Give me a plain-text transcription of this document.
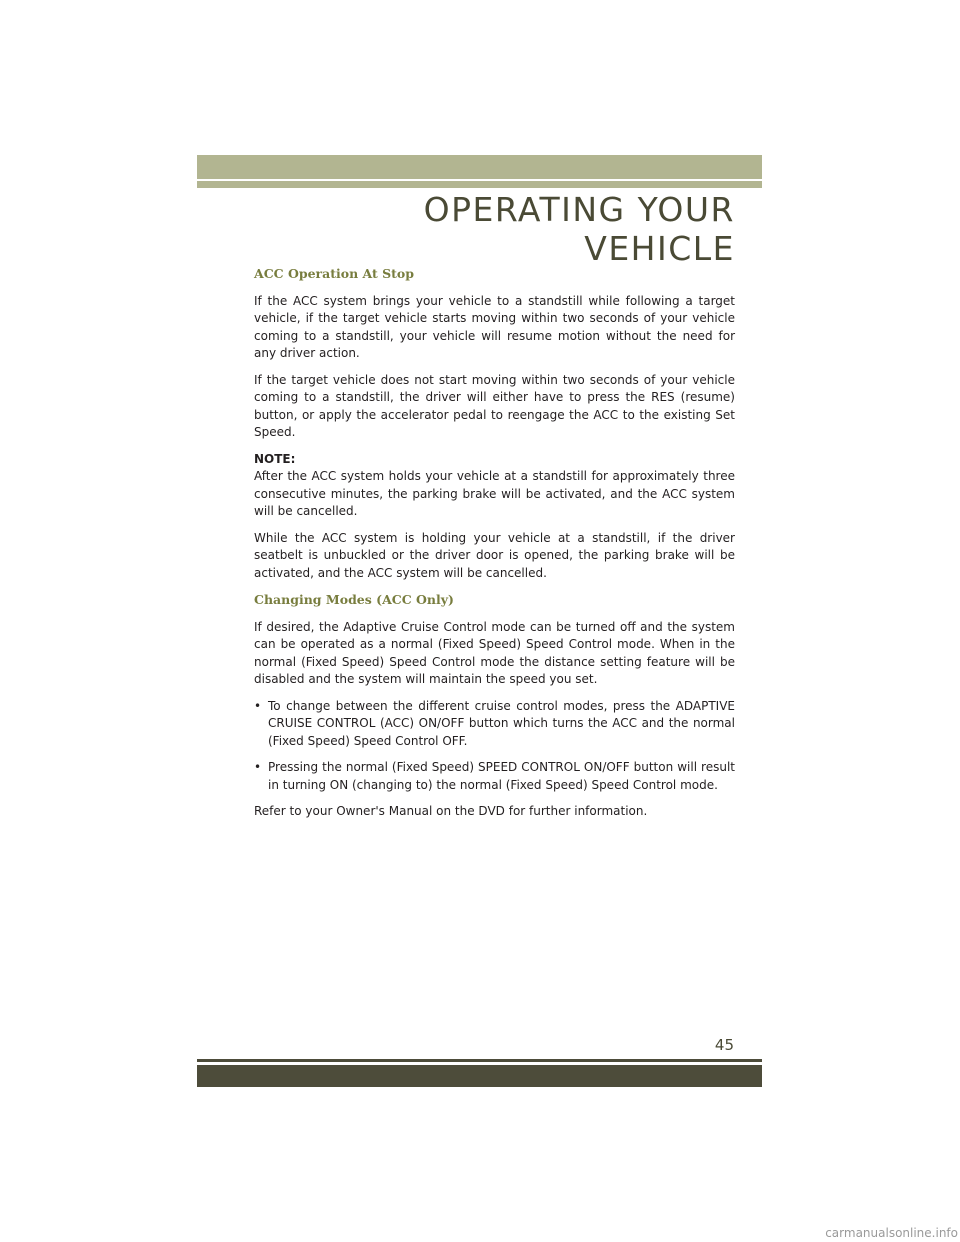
OPERATING YOUR VEHICLE
ACC Operation At Stop

If the ACC system brings your vehicle to a standstill while following a target vehicle, if the target vehicle starts moving within two seconds of your vehicle coming to a standstill, your vehicle will resume motion without the need for any driver action.

If the target vehicle does not start moving within two seconds of your vehicle coming to a standstill, the driver will either have to press the RES (resume) button, or apply the accelerator pedal to reengage the ACC to the existing Set Speed.

NOTE:

After the ACC system holds your vehicle at a standstill for approximately three consecutive minutes, the parking brake will be activated, and the ACC system will be cancelled.

While the ACC system is holding your vehicle at a standstill, if the driver seatbelt is unbuckled or the driver door is opened, the parking brake will be activated, and the ACC system will be cancelled.

Changing Modes (ACC Only)

If desired, the Adaptive Cruise Control mode can be turned off and the system can be operated as a normal (Fixed Speed) Speed Control mode. When in the normal (Fixed Speed) Speed Control mode the distance setting feature will be disabled and the system will maintain the speed you set.

• To change between the different cruise control modes, press the ADAPTIVE CRUISE CONTROL (ACC) ON/OFF button which turns the ACC and the normal (Fixed Speed) Speed Control OFF.
• Pressing the normal (Fixed Speed) SPEED CONTROL ON/OFF button will result in turning ON (changing to) the normal (Fixed Speed) Speed Control mode.

Refer to your Owner's Manual on the DVD for further information.

45
carmanualsonline.info
